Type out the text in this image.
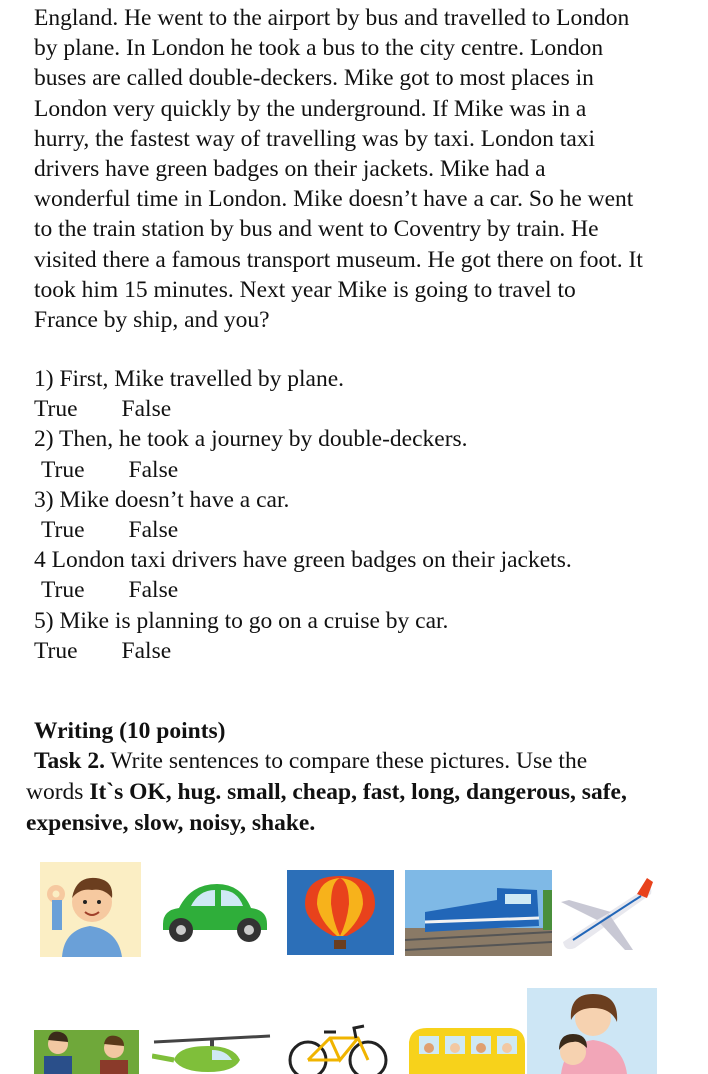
England. He went to the airport by bus and travelled to London
by plane. In London he took a bus to the city centre. London
buses are called double-deckers. Mike got to most places in
London very quickly by the underground. If Mike was in a
hurry, the fastest way of travelling was by taxi. London taxi
drivers have green badges on their jackets. Mike had a
wonderful time in London. Mike doesn’t have a car. So he went
to the train station by bus and went to Coventry by train. He
visited there a famous transport museum. He got there on foot. It
took him 15 minutes. Next year Mike is going to travel to
France by ship, and you?
1) First, Mike travelled by plane.
True False
2) Then, he took a journey by double-deckers.
True False
3) Mike doesn’t have a car.
True False
4 London taxi drivers have green badges on their jackets.
True False
5) Mike is planning to go on a cruise by car.
True False
Writing (10 points)
Task 2. Write sentences to compare these pictures. Use the
words It`s OK, hug. small, cheap, fast, long, dangerous, safe,
expensive, slow, noisy, shake.
